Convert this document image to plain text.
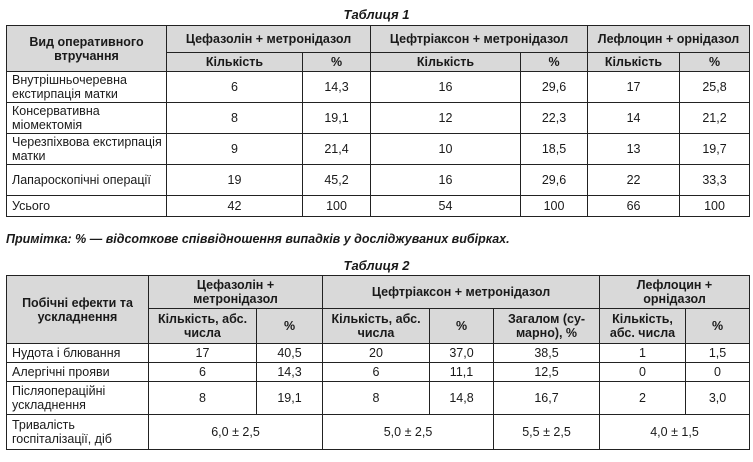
Таблиця 1
Вид оперативного втручання	Цефазолін + метронідазол		Цефтріаксон + метронідазол		Лефлоцин + орнідазол	
	Кількість	%	Кількість	%	Кількість	%
Внутрішньочеревна екстирпація матки	6	14,3	16	29,6	17	25,8
Консервативна міомектомія	8	19,1	12	22,3	14	21,2
Черезпіхвова екстирпація матки	9	21,4	10	18,5	13	19,7
Лапароскопічні операції	19	45,2	16	29,6	22	33,3
Усього	42	100	54	100	66	100
Примітка: % — відсоткове співвідношення випадків у досліджуваних вибірках.
Таблиця 2
Побічні ефекти та ускладнення	Цефазолін + метронідазол		Цефтріаксон + метронідазол			Лефлоцин + орнідазол	
	Кількість, абс. числа	%	Кількість, абс. числа	%	Загалом (су-марно), %	Кількість, абс. числа	%
Нудота і блювання	17	40,5	20	37,0	38,5	1	1,5
Алергічні прояви	6	14,3	6	11,1	12,5	0	0
Післяопераційні ускладнення	8	19,1	8	14,8	16,7	2	3,0
Тривалість госпіталізації, діб	6,0 ± 2,5		5,0 ± 2,5		5,5 ± 2,5	4,0 ± 1,5	
